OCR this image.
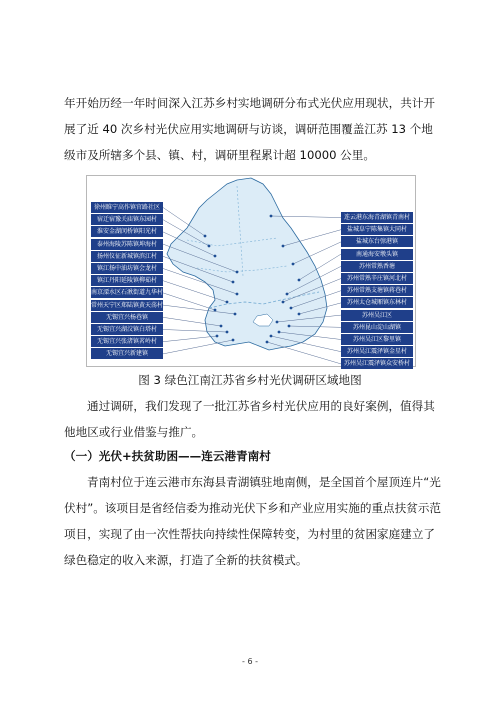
年开始历经一年时间深入江苏乡村实地调研分布式光伏应用现状，共计开展了近 40 次乡村光伏应用实地调研与访谈，调研范围覆盖江苏 13 个地级市及所辖多个县、镇、村，调研里程累计超 10000 公里。

徐州睢宁高作镇官路社区
宿迁宿豫关庙镇东园村
淮安金湖闵桥镇阳光村
泰州海陵苏陈镇坤海村
扬州仪征新城镇滨江村
镇江扬中油坊镇会龙村
镇江丹阳延陵镇柳茹村
南京溧水区石湫街道九华村
常州天宁区郑陆镇黄天荡村
无锡宜兴杨巷镇
无锡宜兴湖㳇镇白塔村
无锡宜兴张渚镇茗岭村
无锡宜兴新建镇
连云港东海青湖镇青南村
盐城阜宁陈集镇大同村
盐城东台弶港镇
南通海安墩头镇
苏州常熟香塘
苏州常熟辛庄镇河北村
苏州常熟支塘镇蒋巷村
苏州太仓城厢镇东林村
苏州吴江区
苏州昆山淀山湖镇
苏州吴江区黎里镇
苏州吴江震泽镇金星村
苏州吴江震泽镇众安桥村

图 3 绿色江南江苏省乡村光伏调研区域地图

通过调研，我们发现了一批江苏省乡村光伏应用的良好案例，值得其他地区或行业借鉴与推广。

（一）光伏+扶贫助困——连云港青南村

青南村位于连云港市东海县青湖镇驻地南侧，是全国首个屋顶连片“光伏村”。该项目是省经信委为推动光伏下乡和产业应用实施的重点扶贫示范项目，实现了由一次性帮扶向持续性保障转变，为村里的贫困家庭建立了绿色稳定的收入来源，打造了全新的扶贫模式。

- 6 -
